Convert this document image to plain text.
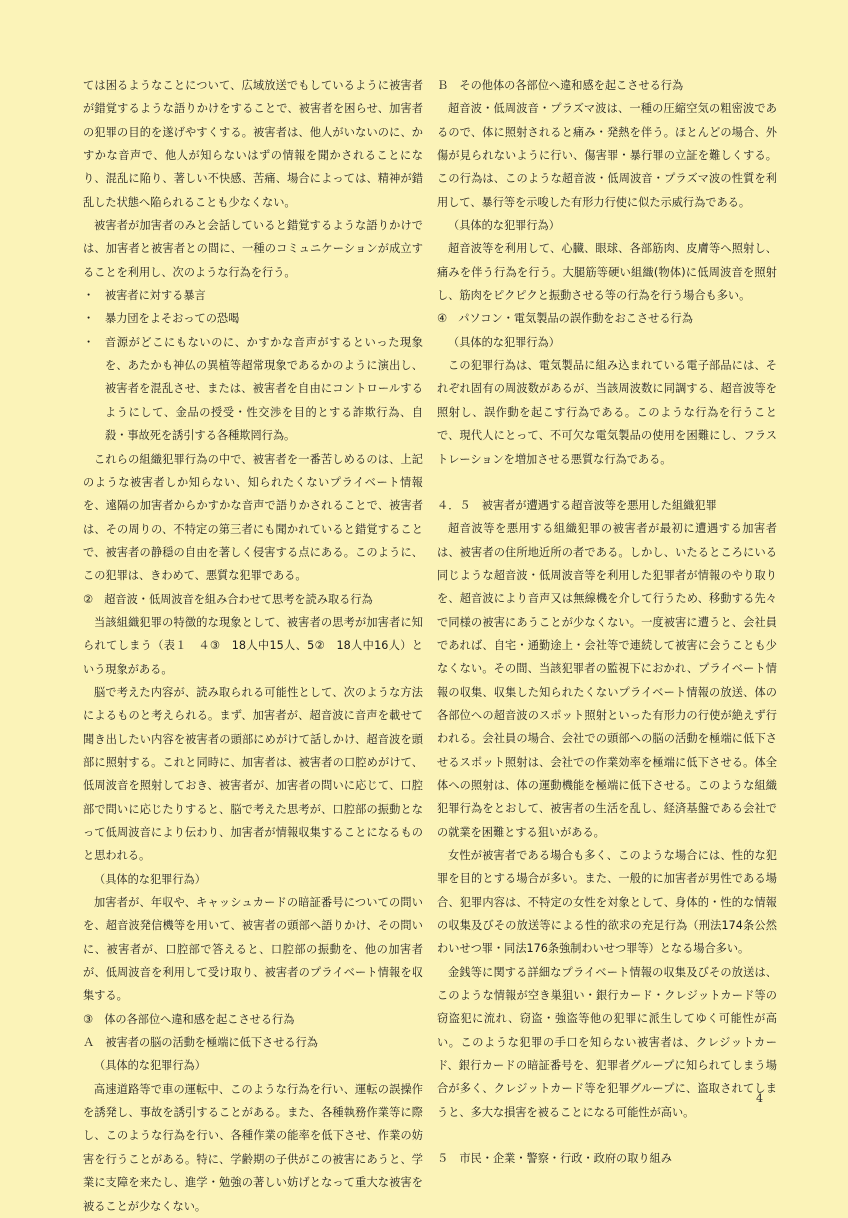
ては困るようなことについて、広域放送でもしているように被害者が錯覚するような語りかけをすることで、被害者を困らせ、加害者の犯罪の目的を遂げやすくする。被害者は、他人がいないのに、かすかな音声で、他人が知らないはずの情報を聞かされることになり、混乱に陥り、著しい不快感、苦痛、場合によっては、精神が錯乱した状態へ陥られることも少なくない。

被害者が加害者のみと会話していると錯覚するような語りかけでは、加害者と被害者との間に、一種のコミュニケーションが成立することを利用し、次のような行為を行う。

・ 被害者に対する暴言

・ 暴力団をよそおっての恐喝

・ 音源がどこにもないのに、かすかな音声がするといった現象を、あたかも神仏の異植等超常現象であるかのように演出し、被害者を混乱させ、または、被害者を自由にコントロールするようにして、金品の授受・性交渉を目的とする詐欺行為、自殺・事故死を誘引する各種欺罔行為。

これらの組織犯罪行為の中で、被害者を一番苦しめるのは、上記のような被害者しか知らない、知られたくないプライベート情報を、遠隔の加害者からかすかな音声で語りかされることで、被害者は、その周りの、不特定の第三者にも聞かれていると錯覚することで、被害者の静穏の自由を著しく侵害する点にある。このように、この犯罪は、きわめて、悪質な犯罪である。

②　超音波・低周波音を組み合わせて思考を読み取る行為

当該組織犯罪の特徴的な現象として、被害者の思考が加害者に知られてしまう（表１　４③　18人中15人、5②　18人中16人）という現象がある。

脳で考えた内容が、読み取られる可能性として、次のような方法によるものと考えられる。まず、加害者が、超音波に音声を載せて聞き出したい内容を被害者の頭部にめがけて話しかけ、超音波を頭部に照射する。これと同時に、加害者は、被害者の口腔めがけて、低周波音を照射しておき、被害者が、加害者の問いに応じて、口腔部で問いに応じたりすると、脳で考えた思考が、口腔部の振動となって低周波音により伝わり、加害者が情報収集することになるものと思われる。

（具体的な犯罪行為）

加害者が、年収や、キャッシュカードの暗証番号についての問いを、超音波発信機等を用いて、被害者の頭部へ語りかけ、その問いに、被害者が、口腔部で答えると、口腔部の振動を、他の加害者が、低周波音を利用して受け取り、被害者のプライベート情報を収集する。

③　体の各部位へ違和感を起こさせる行為

Ａ　被害者の脳の活動を極端に低下させる行為

（具体的な犯罪行為）

高速道路等で車の運転中、このような行為を行い、運転の誤操作を誘発し、事故を誘引することがある。また、各種執務作業等に際し、このような行為を行い、各種作業の能率を低下させ、作業の妨害を行うことがある。特に、学齢期の子供がこの被害にあうと、学業に支障を来たし、進学・勉強の著しい妨げとなって重大な被害を被ることが少なくない。

Ｂ　その他体の各部位へ違和感を起こさせる行為

超音波・低周波音・プラズマ波は、一種の圧縮空気の粗密波であるので、体に照射されると痛み・発熱を伴う。ほとんどの場合、外傷が見られないように行い、傷害罪・暴行罪の立証を難しくする。この行為は、このような超音波・低周波音・プラズマ波の性質を利用して、暴行等を示唆した有形力行使に似た示威行為である。

（具体的な犯罪行為）

超音波等を利用して、心臓、眼球、各部筋肉、皮膚等へ照射し、痛みを伴う行為を行う。大腿筋等硬い組織(物体)に低周波音を照射し、筋肉をピクピクと振動させる等の行為を行う場合も多い。

④　パソコン・電気製品の誤作動をおこさせる行為

（具体的な犯罪行為）

この犯罪行為は、電気製品に組み込まれている電子部品には、それぞれ固有の周波数があるが、当該周波数に同調する、超音波等を照射し、誤作動を起こす行為である。このような行為を行うことで、現代人にとって、不可欠な電気製品の使用を困難にし、フラストレーションを増加させる悪質な行為である。

４．５　被害者が遭遇する超音波等を悪用した組織犯罪

超音波等を悪用する組織犯罪の被害者が最初に遭遇する加害者は、被害者の住所地近所の者である。しかし、いたるところにいる同じような超音波・低周波音等を利用した犯罪者が情報のやり取りを、超音波により音声又は無線機を介して行うため、移動する先々で同様の被害にあうことが少なくない。一度被害に遭うと、会社員であれば、自宅・通勤途上・会社等で連続して被害に会うことも少なくない。その間、当該犯罪者の監視下におかれ、プライベート情報の収集、収集した知られたくないプライベート情報の放送、体の各部位への超音波のスポット照射といった有形力の行使が絶えず行われる。会社員の場合、会社での頭部への脳の活動を極端に低下させるスポット照射は、会社での作業効率を極端に低下させる。体全体への照射は、体の運動機能を極端に低下させる。このような組織犯罪行為をとおして、被害者の生活を乱し、経済基盤である会社での就業を困難とする狙いがある。

女性が被害者である場合も多く、このような場合には、性的な犯罪を目的とする場合が多い。また、一般的に加害者が男性である場合、犯罪内容は、不特定の女性を対象として、身体的・性的な情報の収集及びその放送等による性的欲求の充足行為（刑法174条公然わいせつ罪・同法176条強制わいせつ罪等）となる場合多い。

金銭等に関する詳細なプライベート情報の収集及びその放送は、このような情報が空き巣狙い・銀行カード・クレジットカード等の窃盗犯に流れ、窃盗・強盗等他の犯罪に派生してゆく可能性が高い。このような犯罪の手口を知らない被害者は、クレジットカード、銀行カードの暗証番号を、犯罪者グループに知られてしまう場合が多く、クレジットカード等を犯罪グループに、盗取されてしまうと、多大な損害を被ることになる可能性が高い。

５　市民・企業・警察・行政・政府の取り組み

4
